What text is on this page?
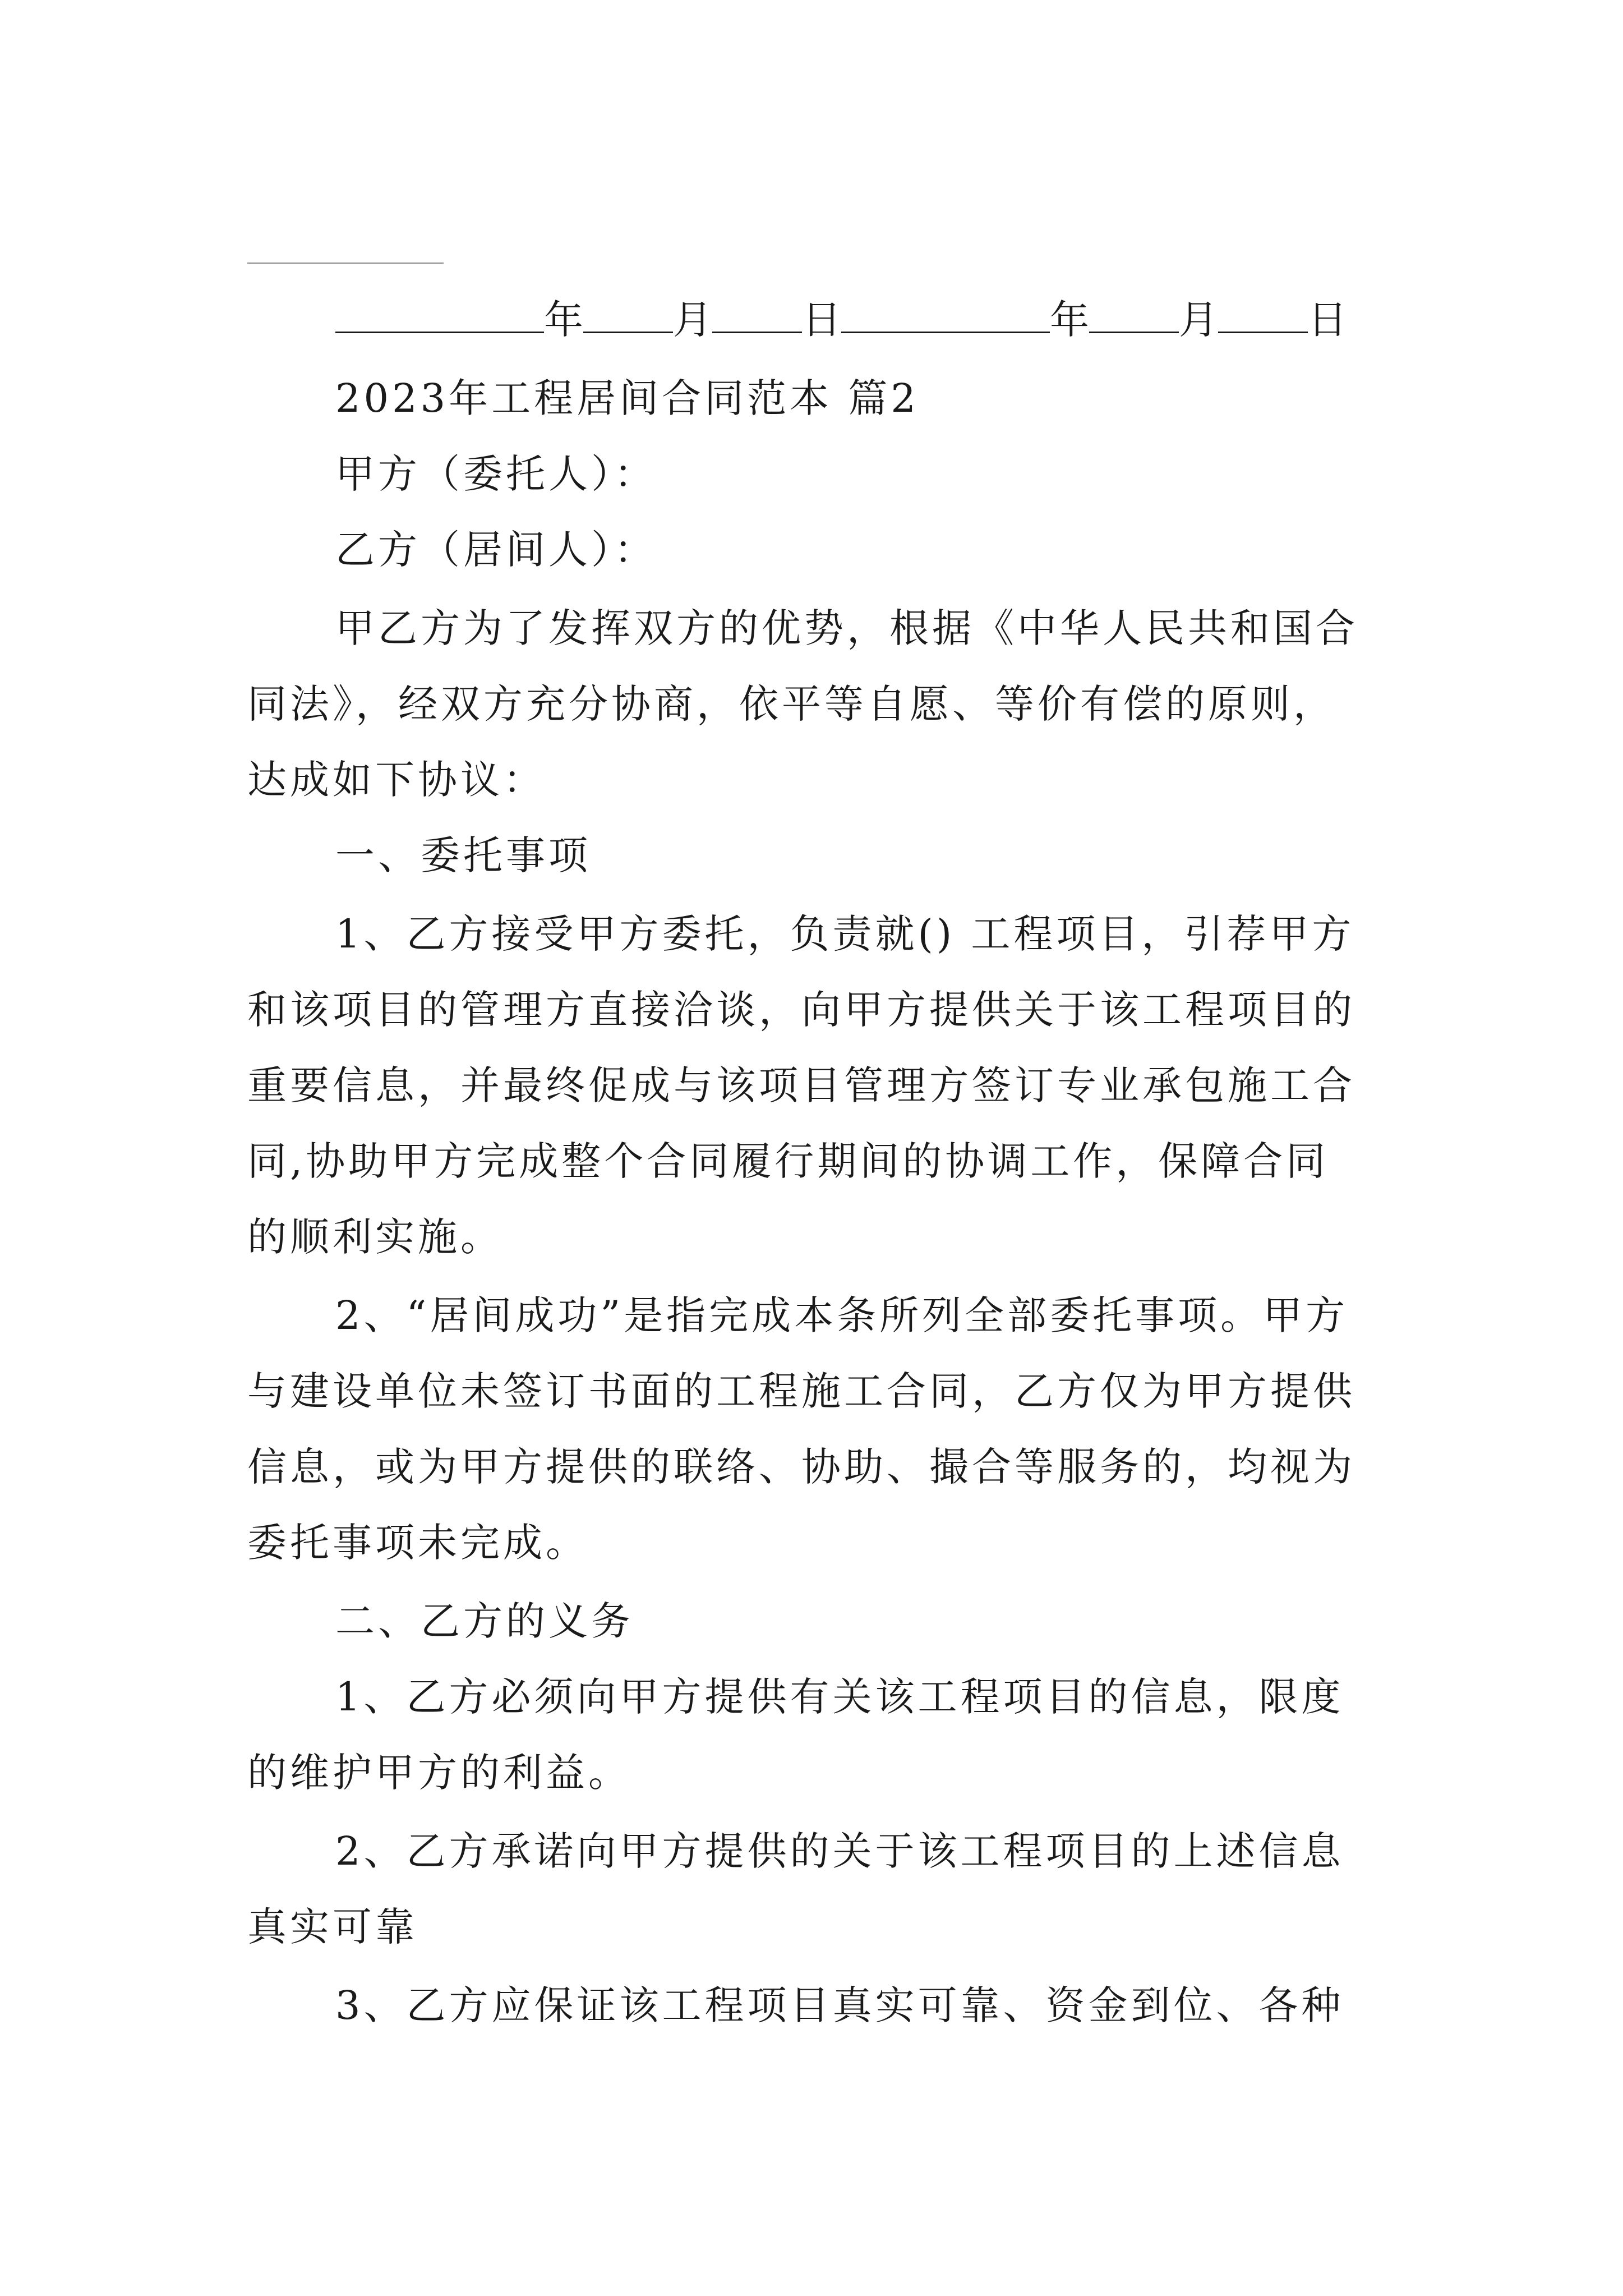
年 月 日	年 月 日
2023年工程居间合同范本 篇2
甲方（委托人）：
乙方（居间人）：
甲乙方为了发挥双方的优势，根据《中华人民共和国合
同法》，经双方充分协商，依平等自愿、等价有偿的原则，
达成如下协议：
一、委托事项
1、乙方接受甲方委托，负责就() 工程项目，引荐甲方
和该项目的管理方直接洽谈，向甲方提供关于该工程项目的
重要信息，并最终促成与该项目管理方签订专业承包施工合
同,协助甲方完成整个合同履行期间的协调工作，保障合同
的顺利实施。
2、“居间成功”是指完成本条所列全部委托事项。甲方
与建设单位未签订书面的工程施工合同，乙方仅为甲方提供
信息，或为甲方提供的联络、协助、撮合等服务的，均视为
委托事项未完成。
二、乙方的义务
1、乙方必须向甲方提供有关该工程项目的信息，限度
的维护甲方的利益。
2、乙方承诺向甲方提供的关于该工程项目的上述信息
真实可靠
3、乙方应保证该工程项目真实可靠、资金到位、各种
